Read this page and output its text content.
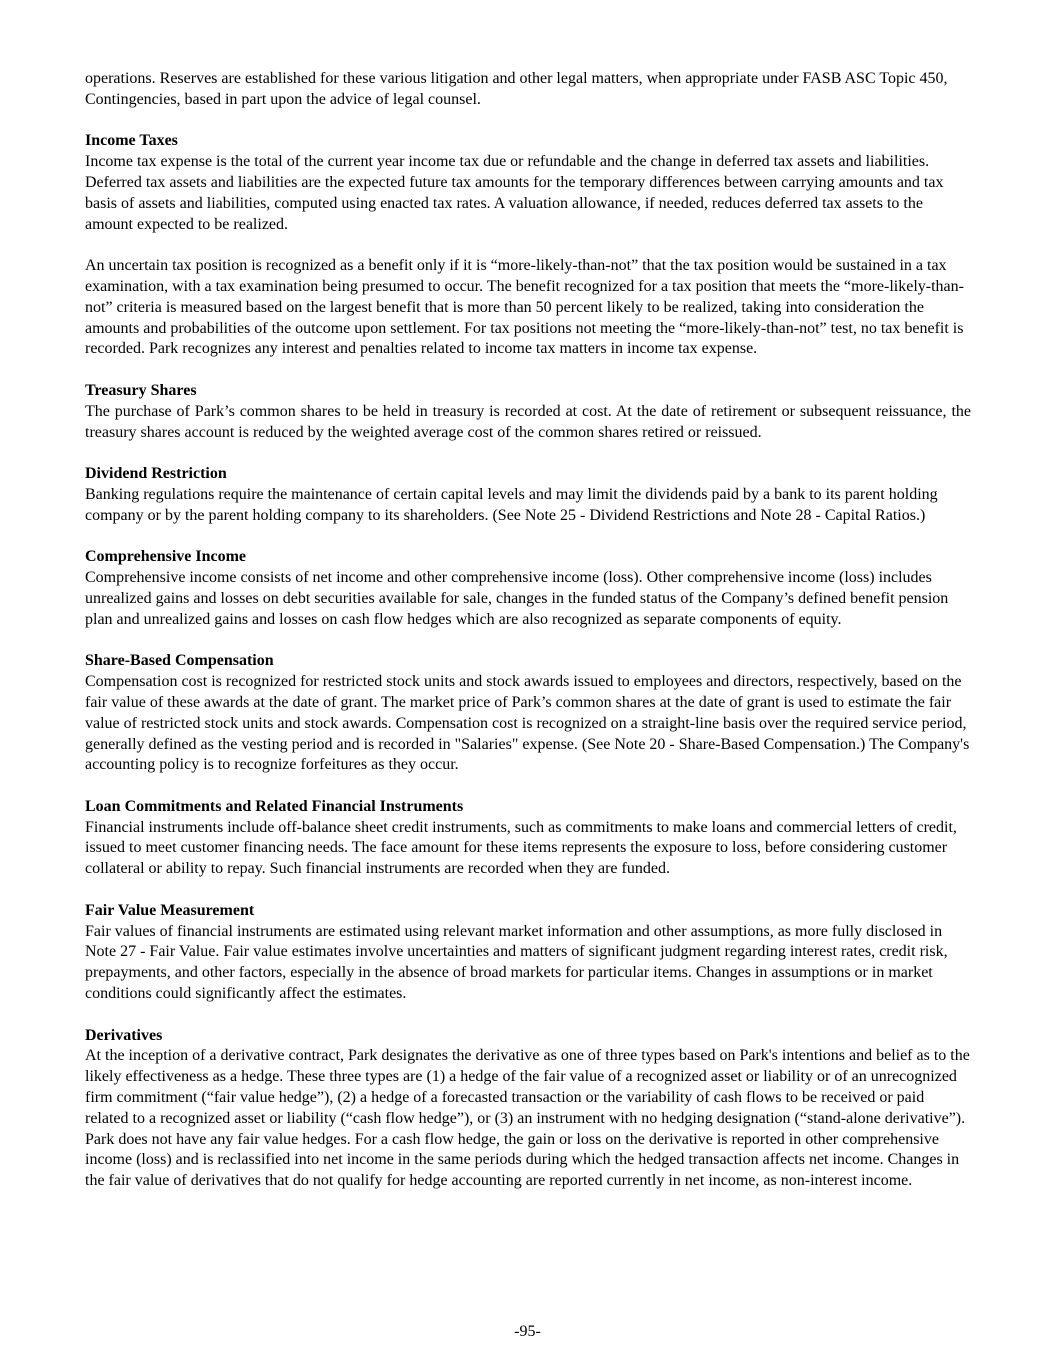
operations. Reserves are established for these various litigation and other legal matters, when appropriate under FASB ASC Topic 450, Contingencies, based in part upon the advice of legal counsel.

Income Taxes
Income tax expense is the total of the current year income tax due or refundable and the change in deferred tax assets and liabilities. Deferred tax assets and liabilities are the expected future tax amounts for the temporary differences between carrying amounts and tax basis of assets and liabilities, computed using enacted tax rates. A valuation allowance, if needed, reduces deferred tax assets to the amount expected to be realized.

An uncertain tax position is recognized as a benefit only if it is “more-likely-than-not” that the tax position would be sustained in a tax examination, with a tax examination being presumed to occur. The benefit recognized for a tax position that meets the “more-likely-than-not” criteria is measured based on the largest benefit that is more than 50 percent likely to be realized, taking into consideration the amounts and probabilities of the outcome upon settlement. For tax positions not meeting the “more-likely-than-not” test, no tax benefit is recorded. Park recognizes any interest and penalties related to income tax matters in income tax expense.

Treasury Shares
The purchase of Park’s common shares to be held in treasury is recorded at cost. At the date of retirement or subsequent reissuance, the treasury shares account is reduced by the weighted average cost of the common shares retired or reissued.

Dividend Restriction
Banking regulations require the maintenance of certain capital levels and may limit the dividends paid by a bank to its parent holding company or by the parent holding company to its shareholders. (See Note 25 - Dividend Restrictions and Note 28 - Capital Ratios.)

Comprehensive Income
Comprehensive income consists of net income and other comprehensive income (loss). Other comprehensive income (loss) includes unrealized gains and losses on debt securities available for sale, changes in the funded status of the Company’s defined benefit pension plan and unrealized gains and losses on cash flow hedges which are also recognized as separate components of equity.

Share-Based Compensation
Compensation cost is recognized for restricted stock units and stock awards issued to employees and directors, respectively, based on the fair value of these awards at the date of grant. The market price of Park’s common shares at the date of grant is used to estimate the fair value of restricted stock units and stock awards. Compensation cost is recognized on a straight-line basis over the required service period, generally defined as the vesting period and is recorded in "Salaries" expense. (See Note 20 - Share-Based Compensation.) The Company's accounting policy is to recognize forfeitures as they occur.

Loan Commitments and Related Financial Instruments
Financial instruments include off-balance sheet credit instruments, such as commitments to make loans and commercial letters of credit, issued to meet customer financing needs. The face amount for these items represents the exposure to loss, before considering customer collateral or ability to repay. Such financial instruments are recorded when they are funded.

Fair Value Measurement
Fair values of financial instruments are estimated using relevant market information and other assumptions, as more fully disclosed in Note 27 - Fair Value. Fair value estimates involve uncertainties and matters of significant judgment regarding interest rates, credit risk, prepayments, and other factors, especially in the absence of broad markets for particular items. Changes in assumptions or in market conditions could significantly affect the estimates.

Derivatives
At the inception of a derivative contract, Park designates the derivative as one of three types based on Park's intentions and belief as to the likely effectiveness as a hedge. These three types are (1) a hedge of the fair value of a recognized asset or liability or of an unrecognized firm commitment (“fair value hedge”), (2) a hedge of a forecasted transaction or the variability of cash flows to be received or paid related to a recognized asset or liability (“cash flow hedge”), or (3) an instrument with no hedging designation (“stand-alone derivative”). Park does not have any fair value hedges. For a cash flow hedge, the gain or loss on the derivative is reported in other comprehensive income (loss) and is reclassified into net income in the same periods during which the hedged transaction affects net income. Changes in the fair value of derivatives that do not qualify for hedge accounting are reported currently in net income, as non-interest income.

-95-
